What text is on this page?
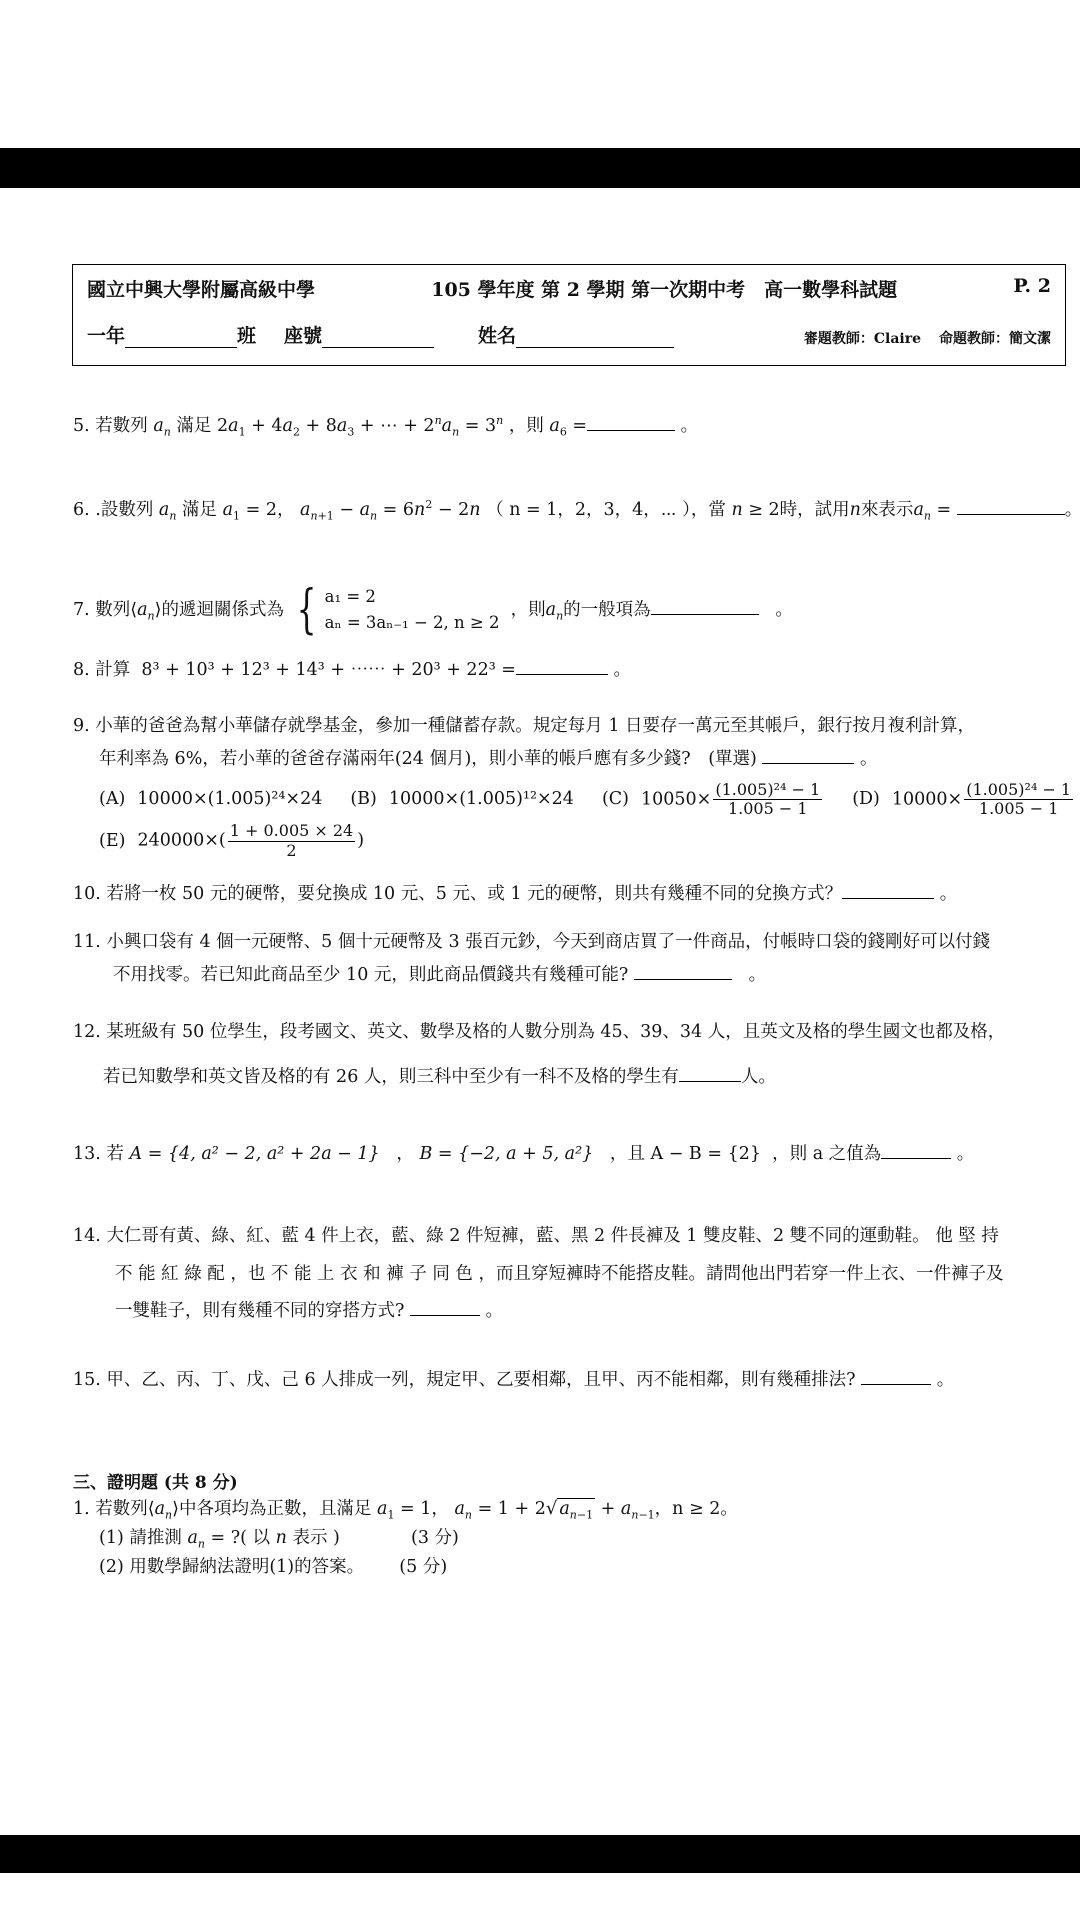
國立中興大學附屬高級中學	105 學年度 第 2 學期 第一次期中考　高一數學科試題	P. 2
一年	班 座號	姓名	審題教師：Claire 命題教師：簡文潔
5. 若數列 $a_n$ 滿足 $2a_1 + 4a_2 + 8a_3$ + ⋯ + $2^na_n = 3^n$ ，則 $a_6$ =	。
6. .設數列 $a_n$ 滿足 $a_1 = 2$， $a_{n+1} - a_n = 6n^2 - 2n$ （ n = 1，2，3，4，⋯ ），當 n ≥ 2時，試用n來表示$a_n$ =	。
7. 數列$⟨a_n⟩$的遞迴關係式為 { a₁ = 2
aₙ = 3aₙ₋₁ − 2, n ≥ 2
，則$a_n$的一般項為	。
8. 計算 8³ + 10³ + 12³ + 14³ + ⋯⋯ + 20³ + 22³ =	。
9. 小華的爸爸為幫小華儲存就學基金，參加一種儲蓄存款。規定每月 1 日要存一萬元至其帳戶，銀行按月複利計算，
年利率為 6%，若小華的爸爸存滿兩年(24 個月)，則小華的帳戶應有多少錢?　(單選)	。
(A) 10000×(1.005)²⁴×24 (B) 10000×(1.005)¹²×24 (C) $10050\times \frac{\text{(1.005)²⁴ − 1}}{1.005 - 1} (D)$ $10000\times \frac{\text{(1.005)²⁴ − 1}}{1.005 - 1}$
(E) $240000\times( \frac{1 + 0.005 \times 24}{2}$ )
10. 若將一枚 50 元的硬幣，要兌換成 10 元、5 元、或 1 元的硬幣，則共有幾種不同的兌換方式？	。
11. 小興口袋有 4 個一元硬幣、5 個十元硬幣及 3 張百元鈔，今天到商店買了一件商品，付帳時口袋的錢剛好可以付錢
不用找零。若已知此商品至少 10 元，則此商品價錢共有幾種可能?	。
12. 某班級有 50 位學生，段考國文、英文、數學及格的人數分別為 45、39、34 人，且英文及格的學生國文也都及格，
若已知數學和英文皆及格的有 26 人，則三科中至少有一科不及格的學生有	人。
13. 若 A = {4, a² − 2, a² + 2a − 1}   ， B = {−2, a + 5, a²}   ，且 A − B = {2} ，則 a 之值為	。
14. 大仁哥有黃、綠、紅、藍 4 件上衣，藍、綠 2 件短褲，藍、黑 2 件長褲及 1 雙皮鞋、2 雙不同的運動鞋。 他 堅 持
不 能 紅 綠 配 ，也 不 能 上 衣 和 褲 子 同 色 ，而且穿短褲時不能搭皮鞋。請問他出門若穿一件上衣、一件褲子及
一雙鞋子，則有幾種不同的穿搭方式?	。
15. 甲、乙、丙、丁、戊、己 6 人排成一列，規定甲、乙要相鄰，且甲、丙不能相鄰，則有幾種排法?	。
三、證明題 (共 8 分)
1. 若數列$⟨a_n⟩$中各項均為正數，且滿足 $a_1 = 1$， $a_n = 1 + 2√$ $a_{n-1} + a_{n-1}$，n ≥ 2。
(1) 請推測 $a_n$ = ?( 以 n 表示 )	(3 分)
(2) 用數學歸納法證明(1)的答案。 (5 分)
